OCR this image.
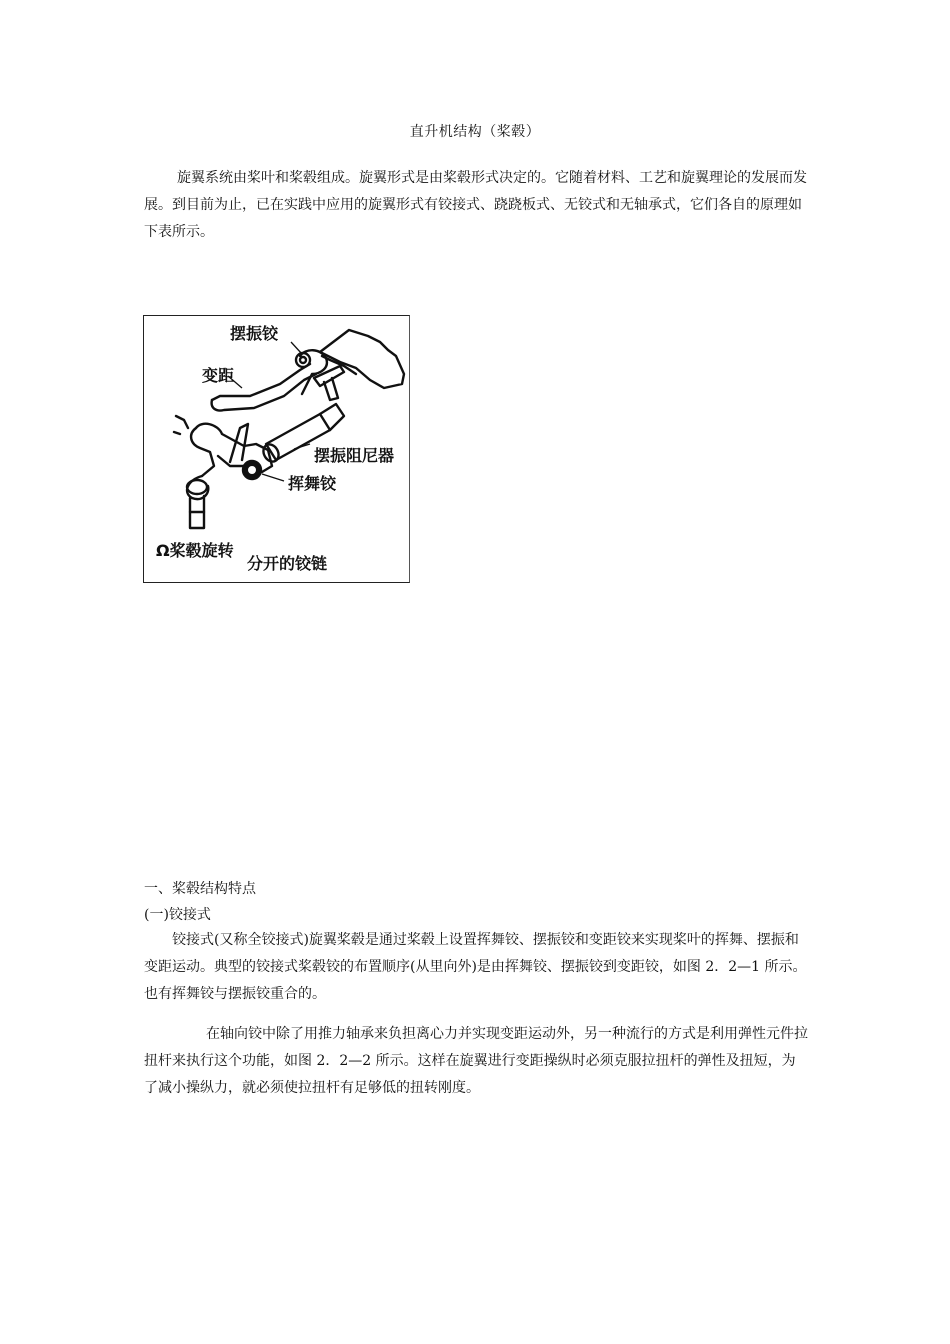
直升机结构（桨毂）

旋翼系统由桨叶和桨毂组成。旋翼形式是由桨毂形式决定的。它随着材料、工艺和旋翼理论的发展而发展。到目前为止，已在实践中应用的旋翼形式有铰接式、跷跷板式、无铰式和无轴承式，它们各自的原理如下表所示。

摆振铰
变距
摆振阻尼器
挥舞铰
Ω桨毂旋转
分开的铰链
一、桨毂结构特点
(一)铰接式

铰接式(又称全铰接式)旋翼桨毂是通过桨毂上设置挥舞铰、摆振铰和变距铰来实现桨叶的挥舞、摆振和变距运动。典型的铰接式桨毂铰的布置顺序(从里向外)是由挥舞铰、摆振铰到变距铰，如图 2．2—1 所示。也有挥舞铰与摆振铰重合的。

在轴向铰中除了用推力轴承来负担离心力并实现变距运动外，另一种流行的方式是利用弹性元件拉扭杆来执行这个功能，如图 2．2—2 所示。这样在旋翼进行变距操纵时必须克服拉扭杆的弹性及扭短，为了减小操纵力，就必须使拉扭杆有足够低的扭转刚度。
